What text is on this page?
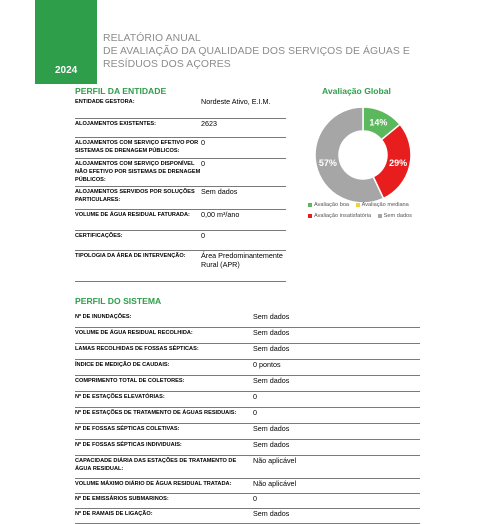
2024
RELATÓRIO ANUAL
DE AVALIAÇÃO DA QUALIDADE DOS SERVIÇOS DE ÁGUAS E
RESÍDUOS DOS AÇORES
PERFIL DA ENTIDADE
ENTIDADE GESTORA:	Nordeste Ativo, E.I.M.
ALOJAMENTOS EXISTENTES:	2623
ALOJAMENTOS COM SERVIÇO EFETIVO POR SISTEMAS DE DRENAGEM PÚBLICOS:
0
ALOJAMENTOS COM SERVIÇO DISPONÍVEL NÃO EFETIVO POR SISTEMAS DE DRENAGEM PÚBLICOS:
0
ALOJAMENTOS SERVIDOS POR SOLUÇÕES PARTICULARES:
Sem dados
VOLUME DE ÁGUA RESIDUAL FATURADA:	0,00 m³/ano
CERTIFICAÇÕES:	0
TIPOLOGIA DA ÁREA DE INTERVENÇÃO:	Área Predominantemente Rural (APR)
Avaliação Global
14%
29%
57%
Avaliação boa
Avaliação mediana

Avaliação insatisfatória
Sem dados
PERFIL DO SISTEMA
Nº DE INUNDAÇÕES:	Sem dados
VOLUME DE ÁGUA RESIDUAL RECOLHIDA:	Sem dados
LAMAS RECOLHIDAS DE FOSSAS SÉPTICAS:	Sem dados
ÍNDICE DE MEDIÇÃO DE CAUDAIS:	0 pontos
COMPRIMENTO TOTAL DE COLETORES:	Sem dados
Nº DE ESTAÇÕES ELEVATÓRIAS:	0
Nº DE ESTAÇÕES DE TRATAMENTO DE ÁGUAS RESIDUAIS:	0
Nº DE FOSSAS SÉPTICAS COLETIVAS:	Sem dados
Nº DE FOSSAS SÉPTICAS INDIVIDUAIS:	Sem dados
CAPACIDADE DIÁRIA DAS ESTAÇÕES DE TRATAMENTO DE ÁGUA RESIDUAL:
Não aplicável
VOLUME MÁXIMO DIÁRIO DE ÁGUA RESIDUAL TRATADA:	Não aplicável
Nº DE EMISSÁRIOS SUBMARINOS:	0
Nº DE RAMAIS DE LIGAÇÃO:	Sem dados
